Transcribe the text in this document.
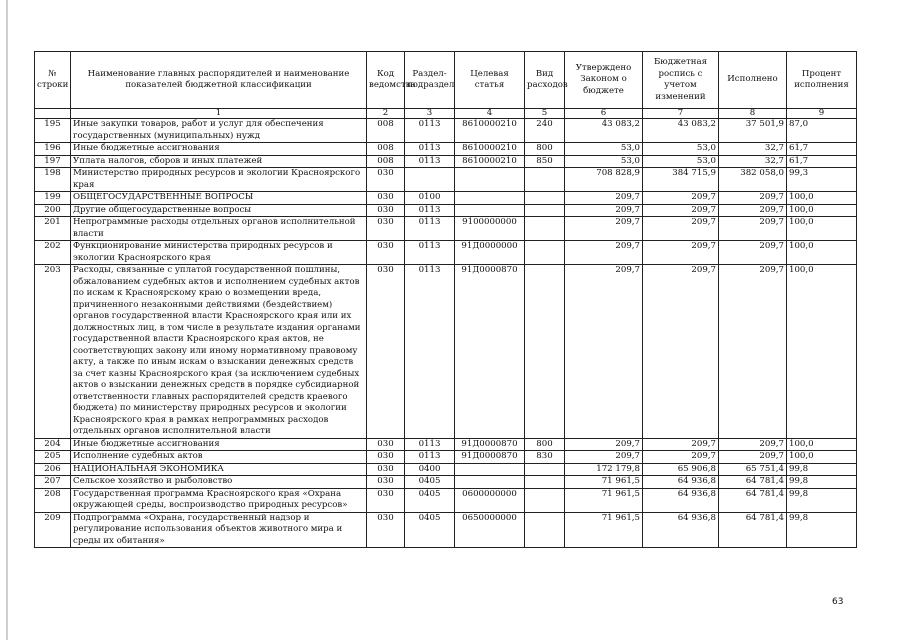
№ строки	Наименование главных распорядителей и наименование показателей бюджетной классификации	Код ведомства	Раздел-подраздел	Целевая статья	Вид расходов	Утверждено Законом о бюджете	Бюджетная роспись с учетом изменений	Исполнено	Процент исполнения
	1	2	3	4	5	6	7	8	9
195	Иные закупки товаров, работ и услуг для обеспечения государственных (муниципальных) нужд	008	0113	8610000210	240	43 083,2	43 083,2	37 501,9	87,0
196	Иные бюджетные ассигнования	008	0113	8610000210	800	53,0	53,0	32,7	61,7
197	Уплата налогов, сборов и иных платежей	008	0113	8610000210	850	53,0	53,0	32,7	61,7
198	Министерство природных ресурсов и экологии Красноярского края	030				708 828,9	384 715,9	382 058,0	99,3
199	ОБЩЕГОСУДАРСТВЕННЫЕ ВОПРОСЫ	030	0100			209,7	209,7	209,7	100,0
200	Другие общегосударственные вопросы	030	0113			209,7	209,7	209,7	100,0
201	Непрограммные расходы отдельных органов исполнительной власти	030	0113	9100000000		209,7	209,7	209,7	100,0
202	Функционирование министерства природных ресурсов и экологии Красноярского края	030	0113	91Д0000000		209,7	209,7	209,7	100,0
203	Расходы, связанные с уплатой государственной пошлины, обжалованием судебных актов и исполнением судебных актов по искам к Красноярскому краю о возмещении вреда, причиненного незаконными действиями (бездействием) органов государственной власти Красноярского края или их должностных лиц, в том числе в результате издания органами государственной власти Красноярского края актов, не соответствующих закону или иному нормативному правовому акту, а также по иным искам о взыскании денежных средств за счет казны Красноярского края (за исключением судебных актов о взыскании денежных средств в порядке субсидиарной ответственности главных распорядителей средств краевого бюджета) по министерству природных ресурсов и экологии Красноярского края в рамках непрограммных расходов отдельных органов исполнительной власти	030	0113	91Д0000870		209,7	209,7	209,7	100,0
204	Иные бюджетные ассигнования	030	0113	91Д0000870	800	209,7	209,7	209,7	100,0
205	Исполнение судебных актов	030	0113	91Д0000870	830	209,7	209,7	209,7	100,0
206	НАЦИОНАЛЬНАЯ ЭКОНОМИКА	030	0400			172 179,8	65 906,8	65 751,4	99,8
207	Сельское хозяйство и рыболовство	030	0405			71 961,5	64 936,8	64 781,4	99,8
208	Государственная программа Красноярского края «Охрана окружающей среды, воспроизводство природных ресурсов»	030	0405	0600000000		71 961,5	64 936,8	64 781,4	99,8
209	Подпрограмма «Охрана, государственный надзор и регулирование использования объектов животного мира и среды их обитания»	030	0405	0650000000		71 961,5	64 936,8	64 781,4	99,8
63
